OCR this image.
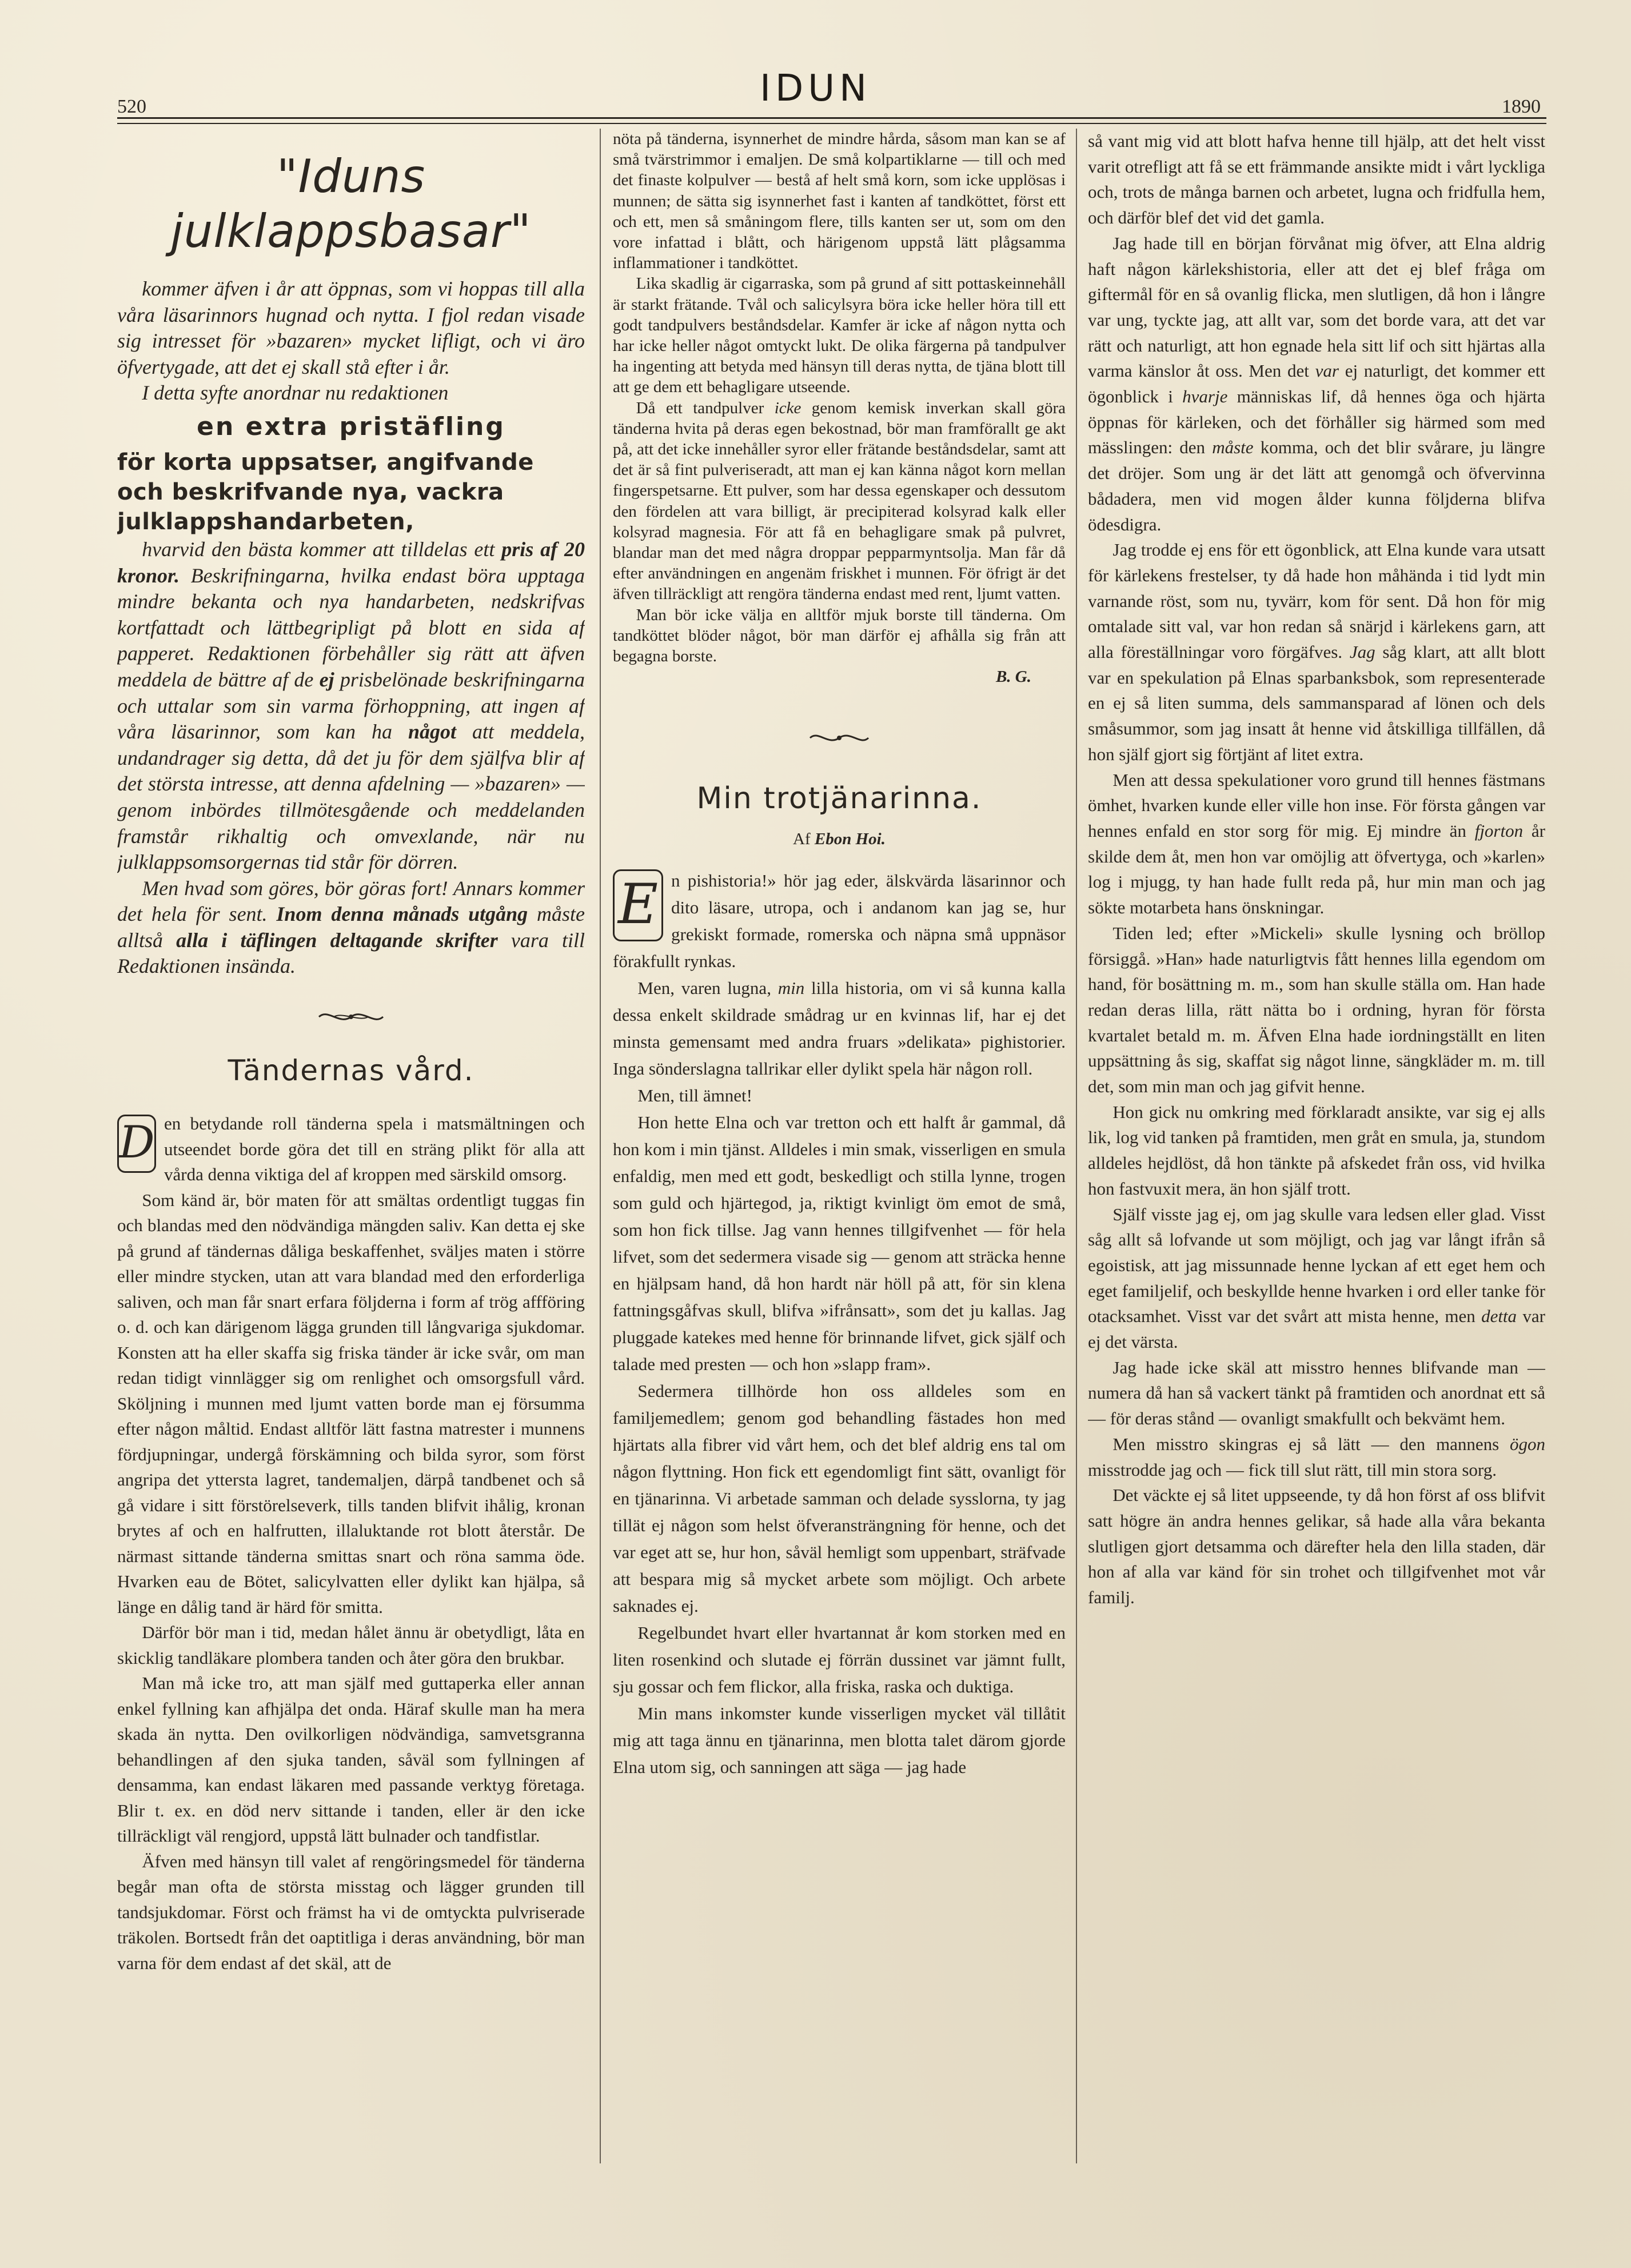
520	IDUN	1890
"Iduns julklappsbasar"

kommer äfven i år att öppnas, som vi hoppas till alla våra läsarinnors hugnad och nytta. I fjol redan visade sig intresset för »bazaren» mycket lifligt, och vi äro öfvertygade, att det ej skall stå efter i år.

I detta syfte anordnar nu redaktionen

en extra pristäfling
för korta uppsatser, angifvande och beskrifvande nya, vackra julklappshandarbeten,

hvarvid den bästa kommer att tilldelas ett pris af 20 kronor. Beskrifningarna, hvilka endast böra upptaga mindre bekanta och nya handarbeten, nedskrifvas kortfattadt och lättbegripligt på blott en sida af papperet. Redaktionen förbehåller sig rätt att äfven meddela de bättre af de ej prisbelönade beskrifningarna och uttalar som sin varma förhoppning, att ingen af våra läsarinnor, som kan ha något att meddela, undandrager sig detta, då det ju för dem själfva blir af det största intresse, att denna afdelning — »bazaren» — genom inbördes tillmötesgående och meddelanden framstår rikhaltig och omvexlande, när nu julklappsomsorgernas tid står för dörren.

Men hvad som göres, bör göras fort! Annars kommer det hela för sent. Inom denna månads utgång måste alltså alla i täflingen deltagande skrifter vara till Redaktionen insända.

Tändernas vård.

D en betydande roll tänderna spela i matsmältningen och utseendet borde göra det till en sträng plikt för alla att vårda denna viktiga del af kroppen med särskild omsorg.

Som känd är, bör maten för att smältas ordentligt tuggas fin och blandas med den nödvändiga mängden saliv. Kan detta ej ske på grund af tändernas dåliga beskaffenhet, sväljes maten i större eller mindre stycken, utan att vara blandad med den erforderliga saliven, och man får snart erfara följderna i form af trög affföring o. d. och kan därigenom lägga grunden till långvariga sjukdomar. Konsten att ha eller skaffa sig friska tänder är icke svår, om man redan tidigt vinnlägger sig om renlighet och omsorgsfull vård. Sköljning i munnen med ljumt vatten borde man ej försumma efter någon måltid. Endast alltför lätt fastna matrester i munnens fördjupningar, undergå förskämning och bilda syror, som först angripa det yttersta lagret, tandemaljen, därpå tandbenet och så gå vidare i sitt förstörelseverk, tills tanden blifvit ihålig, kronan brytes af och en halfrutten, illaluktande rot blott återstår. De närmast sittande tänderna smittas snart och röna samma öde. Hvarken eau de Bötet, salicylvatten eller dylikt kan hjälpa, så länge en dålig tand är härd för smitta.

Därför bör man i tid, medan hålet ännu är obetydligt, låta en skicklig tandläkare plombera tanden och åter göra den brukbar.

Man må icke tro, att man själf med guttaperka eller annan enkel fyllning kan afhjälpa det onda. Häraf skulle man ha mera skada än nytta. Den ovilkorligen nödvändiga, samvetsgranna behandlingen af den sjuka tanden, såväl som fyllningen af densamma, kan endast läkaren med passande verktyg företaga. Blir t. ex. en död nerv sittande i tanden, eller är den icke tillräckligt väl rengjord, uppstå lätt bulnader och tandfistlar.

Äfven med hänsyn till valet af rengöringsmedel för tänderna begår man ofta de största misstag och lägger grunden till tandsjukdomar. Först och främst ha vi de omtyckta pulvriserade träkolen. Bortsedt från det oaptitliga i deras användning, bör man varna för dem endast af det skäl, att de

nöta på tänderna, isynnerhet de mindre hårda, såsom man kan se af små tvärstrimmor i emaljen. De små kolpartiklarne — till och med det finaste kolpulver — bestå af helt små korn, som icke upplösas i munnen; de sätta sig isynnerhet fast i kanten af tandköttet, först ett och ett, men så småningom flere, tills kanten ser ut, som om den vore infattad i blått, och härigenom uppstå lätt plågsamma inflammationer i tandköttet.

Lika skadlig är cigarraska, som på grund af sitt pottaskeinnehåll är starkt frätande. Tvål och salicylsyra böra icke heller höra till ett godt tandpulvers beståndsdelar. Kamfer är icke af någon nytta och har icke heller något omtyckt lukt. De olika färgerna på tandpulver ha ingenting att betyda med hänsyn till deras nytta, de tjäna blott till att ge dem ett behagligare utseende.

Då ett tandpulver icke genom kemisk inverkan skall göra tänderna hvita på deras egen bekostnad, bör man framförallt ge akt på, att det icke innehåller syror eller frätande beståndsdelar, samt att det är så fint pulveriseradt, att man ej kan känna något korn mellan fingerspetsarne. Ett pulver, som har dessa egenskaper och dessutom den fördelen att vara billigt, är precipiterad kolsyrad kalk eller kolsyrad magnesia. För att få en behagligare smak på pulvret, blandar man det med några droppar pepparmyntsolja. Man får då efter användningen en angenäm friskhet i munnen. För öfrigt är det äfven tillräckligt att rengöra tänderna endast med rent, ljumt vatten.

Man bör icke välja en alltför mjuk borste till tänderna. Om tandköttet blöder något, bör man därför ej afhålla sig från att begagna borste.

B. G.
Min trotjänarinna.
Af Ebon Hoi.

E n pishistoria!» hör jag eder, älskvärda läsarinnor och dito läsare, utropa, och i andanom kan jag se, hur grekiskt formade, romerska och näpna små uppnäsor förakfullt rynkas.

Men, varen lugna, min lilla historia, om vi så kunna kalla dessa enkelt skildrade smådrag ur en kvinnas lif, har ej det minsta gemensamt med andra fruars »delikata» pighistorier. Inga sönderslagna tallrikar eller dylikt spela här någon roll.

Men, till ämnet!

Hon hette Elna och var tretton och ett halft år gammal, då hon kom i min tjänst. Alldeles i min smak, visserligen en smula enfaldig, men med ett godt, beskedligt och stilla lynne, trogen som guld och hjärtegod, ja, riktigt kvinligt öm emot de små, som hon fick tillse. Jag vann hennes tillgifvenhet — för hela lifvet, som det sedermera visade sig — genom att sträcka henne en hjälpsam hand, då hon hardt när höll på att, för sin klena fattningsgåfvas skull, blifva »ifrånsatt», som det ju kallas. Jag pluggade katekes med henne för brinnande lifvet, gick själf och talade med presten — och hon »slapp fram».

Sedermera tillhörde hon oss alldeles som en familjemedlem; genom god behandling fästades hon med hjärtats alla fibrer vid vårt hem, och det blef aldrig ens tal om någon flyttning. Hon fick ett egendomligt fint sätt, ovanligt för en tjänarinna. Vi arbetade samman och delade sysslorna, ty jag tillät ej någon som helst öfveransträngning för henne, och det var eget att se, hur hon, såväl hemligt som uppenbart, sträfvade att bespara mig så mycket arbete som möjligt. Och arbete saknades ej.

Regelbundet hvart eller hvartannat år kom storken med en liten rosenkind och slutade ej förrän dussinet var jämnt fullt, sju gossar och fem flickor, alla friska, raska och duktiga.

Min mans inkomster kunde visserligen mycket väl tillåtit mig att taga ännu en tjänarinna, men blotta talet därom gjorde Elna utom sig, och sanningen att säga — jag hade

så vant mig vid att blott hafva henne till hjälp, att det helt visst varit otrefligt att få se ett främmande ansikte midt i vårt lyckliga och, trots de många barnen och arbetet, lugna och fridfulla hem, och därför blef det vid det gamla.

Jag hade till en början förvånat mig öfver, att Elna aldrig haft någon kärlekshistoria, eller att det ej blef fråga om giftermål för en så ovanlig flicka, men slutligen, då hon i långre var ung, tyckte jag, att allt var, som det borde vara, att det var rätt och naturligt, att hon egnade hela sitt lif och sitt hjärtas alla varma känslor åt oss. Men det var ej naturligt, det kommer ett ögonblick i hvarje människas lif, då hennes öga och hjärta öppnas för kärleken, och det förhåller sig härmed som med mässlingen: den måste komma, och det blir svårare, ju längre det dröjer. Som ung är det lätt att genomgå och öfvervinna bådadera, men vid mogen ålder kunna följderna blifva ödesdigra.

Jag trodde ej ens för ett ögonblick, att Elna kunde vara utsatt för kärlekens frestelser, ty då hade hon måhända i tid lydt min varnande röst, som nu, tyvärr, kom för sent. Då hon för mig omtalade sitt val, var hon redan så snärjd i kärlekens garn, att alla föreställningar voro förgäfves. Jag såg klart, att allt blott var en spekulation på Elnas sparbanksbok, som representerade en ej så liten summa, dels sammansparad af lönen och dels småsummor, som jag insatt åt henne vid åtskilliga tillfällen, då hon själf gjort sig förtjänt af litet extra.

Men att dessa spekulationer voro grund till hennes fästmans ömhet, hvarken kunde eller ville hon inse. För första gången var hennes enfald en stor sorg för mig. Ej mindre än fjorton år skilde dem åt, men hon var omöjlig att öfvertyga, och »karlen» log i mjugg, ty han hade fullt reda på, hur min man och jag sökte motarbeta hans önskningar.

Tiden led; efter »Mickeli» skulle lysning och bröllop försiggå. »Han» hade naturligtvis fått hennes lilla egendom om hand, för bosättning m. m., som han skulle ställa om. Han hade redan deras lilla, rätt nätta bo i ordning, hyran för första kvartalet betald m. m. Äfven Elna hade iordningställt en liten uppsättning ås sig, skaffat sig något linne, sängkläder m. m. till det, som min man och jag gifvit henne.

Hon gick nu omkring med förklaradt ansikte, var sig ej alls lik, log vid tanken på framtiden, men gråt en smula, ja, stundom alldeles hejdlöst, då hon tänkte på afskedet från oss, vid hvilka hon fastvuxit mera, än hon själf trott.

Själf visste jag ej, om jag skulle vara ledsen eller glad. Visst såg allt så lofvande ut som möjligt, och jag var långt ifrån så egoistisk, att jag missunnade henne lyckan af ett eget hem och eget familjelif, och beskyllde henne hvarken i ord eller tanke för otacksamhet. Visst var det svårt att mista henne, men detta var ej det värsta.

Jag hade icke skäl att misstro hennes blifvande man — numera då han så vackert tänkt på framtiden och anordnat ett så — för deras stånd — ovanligt smakfullt och bekvämt hem.

Men misstro skingras ej så lätt — den mannens ögon misstrodde jag och — fick till slut rätt, till min stora sorg.

Det väckte ej så litet uppseende, ty då hon först af oss blifvit satt högre än andra hennes gelikar, så hade alla våra bekanta slutligen gjort detsamma och därefter hela den lilla staden, där hon af alla var känd för sin trohet och tillgifvenhet mot vår familj.
